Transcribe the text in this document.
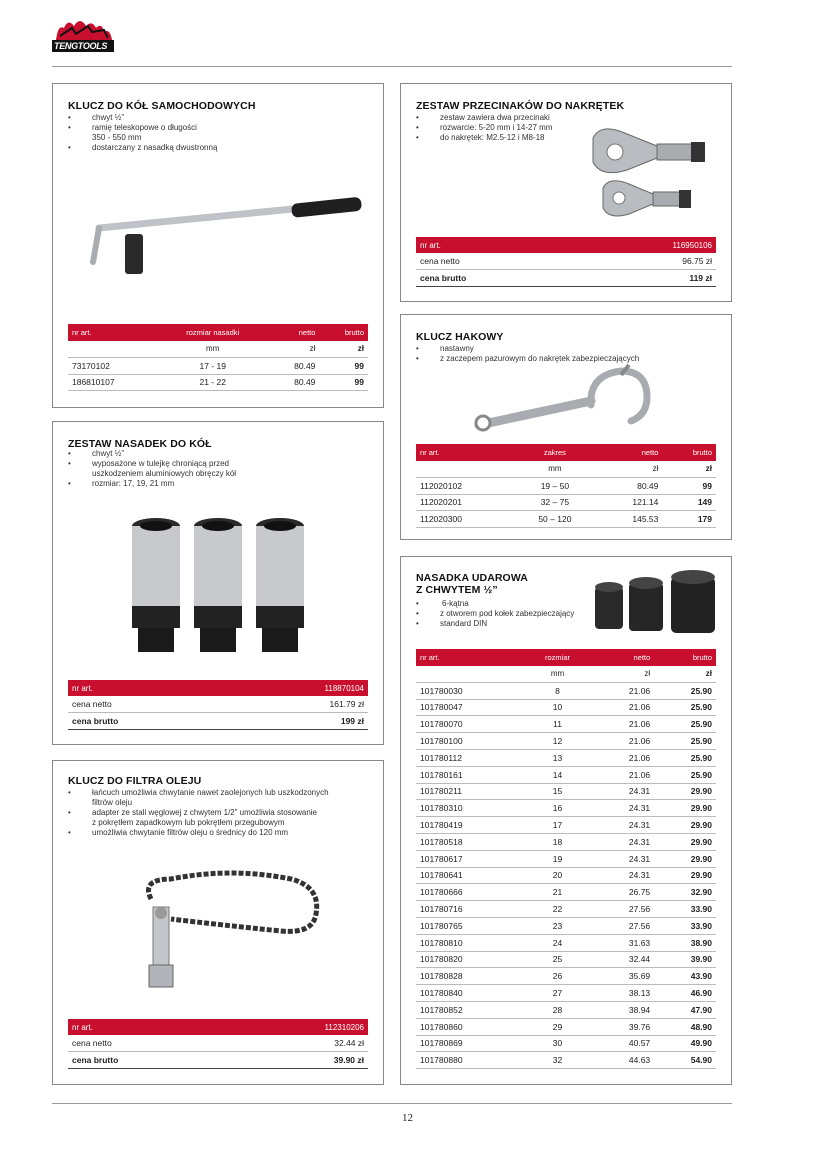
TENGTOOLS
KLUCZ DO KÓŁ SAMOCHODOWYCH
• chwyt ½”
• ramię teleskopowe o długości
350 - 550 mm
• dostarczany z nasadką dwustronną
nr art.	rozmiar nasadki	netto	brutto
	mm	zł	zł
73170102	17 - 19	80.49	99
186810107	21 - 22	80.49	99
ZESTAW PRZECINAKÓW DO NAKRĘTEK
• zestaw zawiera dwa przecinaki
• rozwarcie: 5-20 mm i 14-27 mm
• do nakrętek: M2.5-12 i M8-18
nr art.	116950106
cena netto	96.75 zł
cena brutto	119 zł
KLUCZ HAKOWY
• nastawny
• z zaczepem pazurowym do nakrętek zabezpieczających
nr art.	zakres	netto	brutto
	mm	zł	zł
112020102	19 – 50	80.49	99
112020201	32 – 75	121.14	149
112020300	50 – 120	145.53	179
ZESTAW NASADEK DO KÓŁ
• chwyt ½”
• wyposażone w tulejkę chroniącą przed
uszkodzeniem aluminiowych obręczy kół
• rozmiar: 17, 19, 21 mm
nr art.	118870104
cena netto	161.79 zł
cena brutto	199 zł
NASADKA UDAROWA
Z CHWYTEM ½”
• 6-kątna
• z otworem pod kołek zabezpieczający
• standard DIN
nr art.	rozmiar	netto	brutto
	mm	zł	zł
101780030	8	21.06	25.90
101780047	10	21.06	25.90
101780070	11	21.06	25.90
101780100	12	21.06	25.90
101780112	13	21.06	25.90
101780161	14	21.06	25.90
101780211	15	24.31	29.90
101780310	16	24.31	29.90
101780419	17	24.31	29.90
101780518	18	24.31	29.90
101780617	19	24.31	29.90
101780641	20	24.31	29.90
101780666	21	26.75	32.90
101780716	22	27.56	33.90
101780765	23	27.56	33.90
101780810	24	31.63	38.90
101780820	25	32.44	39.90
101780828	26	35.69	43.90
101780840	27	38.13	46.90
101780852	28	38.94	47.90
101780860	29	39.76	48.90
101780869	30	40.57	49.90
101780880	32	44.63	54.90
KLUCZ DO FILTRA OLEJU
• łańcuch umożliwia chwytanie nawet zaolejonych lub uszkodzonych
filtrów oleju
• adapter ze stali węglowej z chwytem 1/2” umożliwia stosowanie
z pokrętłem zapadkowym lub pokrętłem przegubowym
• umożliwia chwytanie filtrów oleju o średnicy do 120 mm
nr art.	112310206
cena netto	32.44 zł
cena brutto	39.90 zł
12
